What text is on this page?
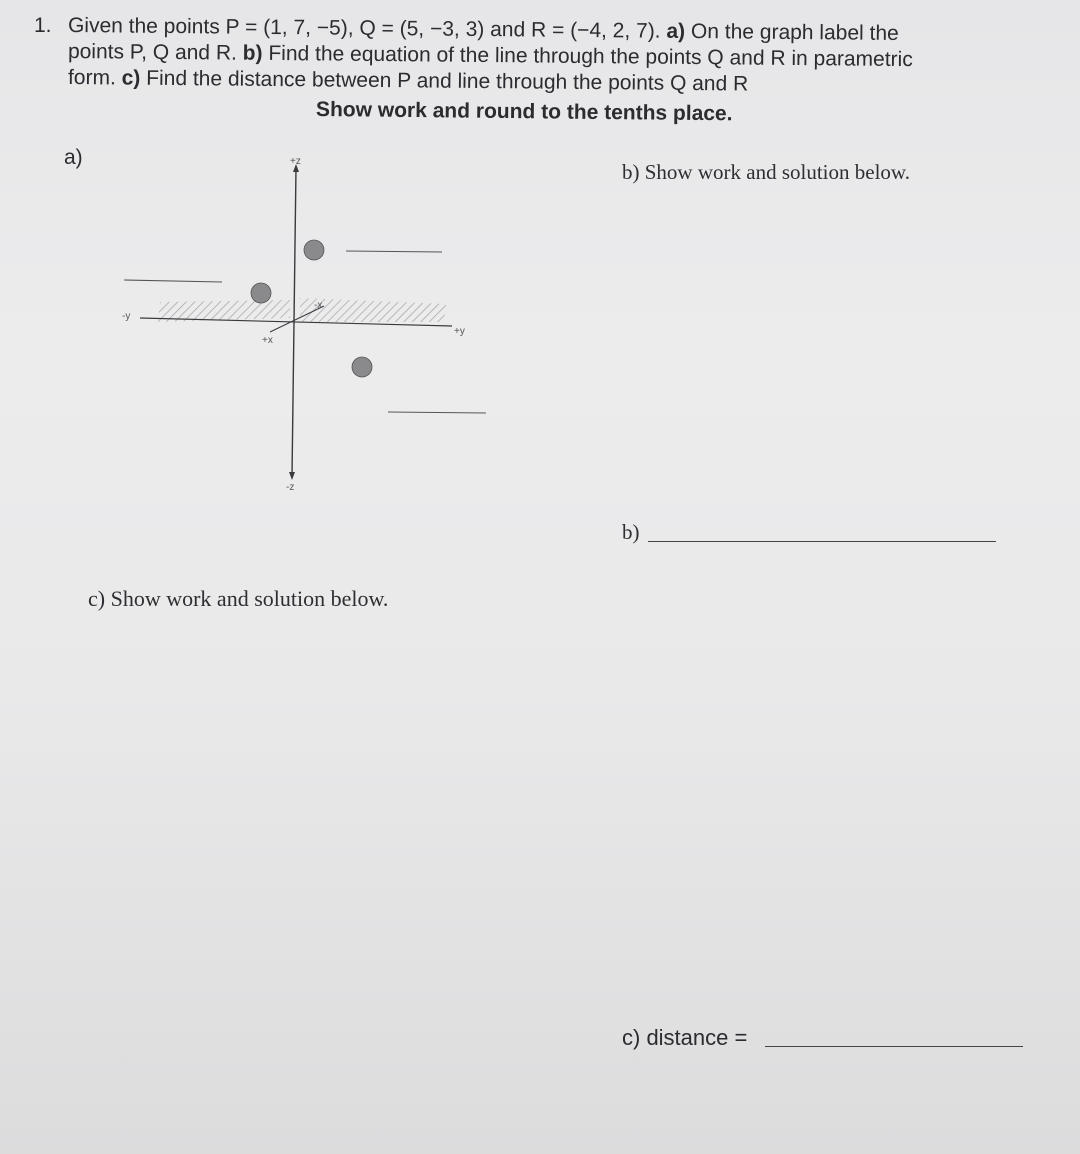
1. Given the points P = (1, 7, −5), Q = (5, −3, 3) and R = (−4, 2, 7). a) On the graph label the
points P, Q and R. b) Find the equation of the line through the points Q and R in parametric
form. c) Find the distance between P and line through the points Q and R
Show work and round to the tenths place.
a)	+z
-z
-y
+y
+x
-x
b) Show work and solution below.
b)
c) Show work and solution below.
c) distance =
